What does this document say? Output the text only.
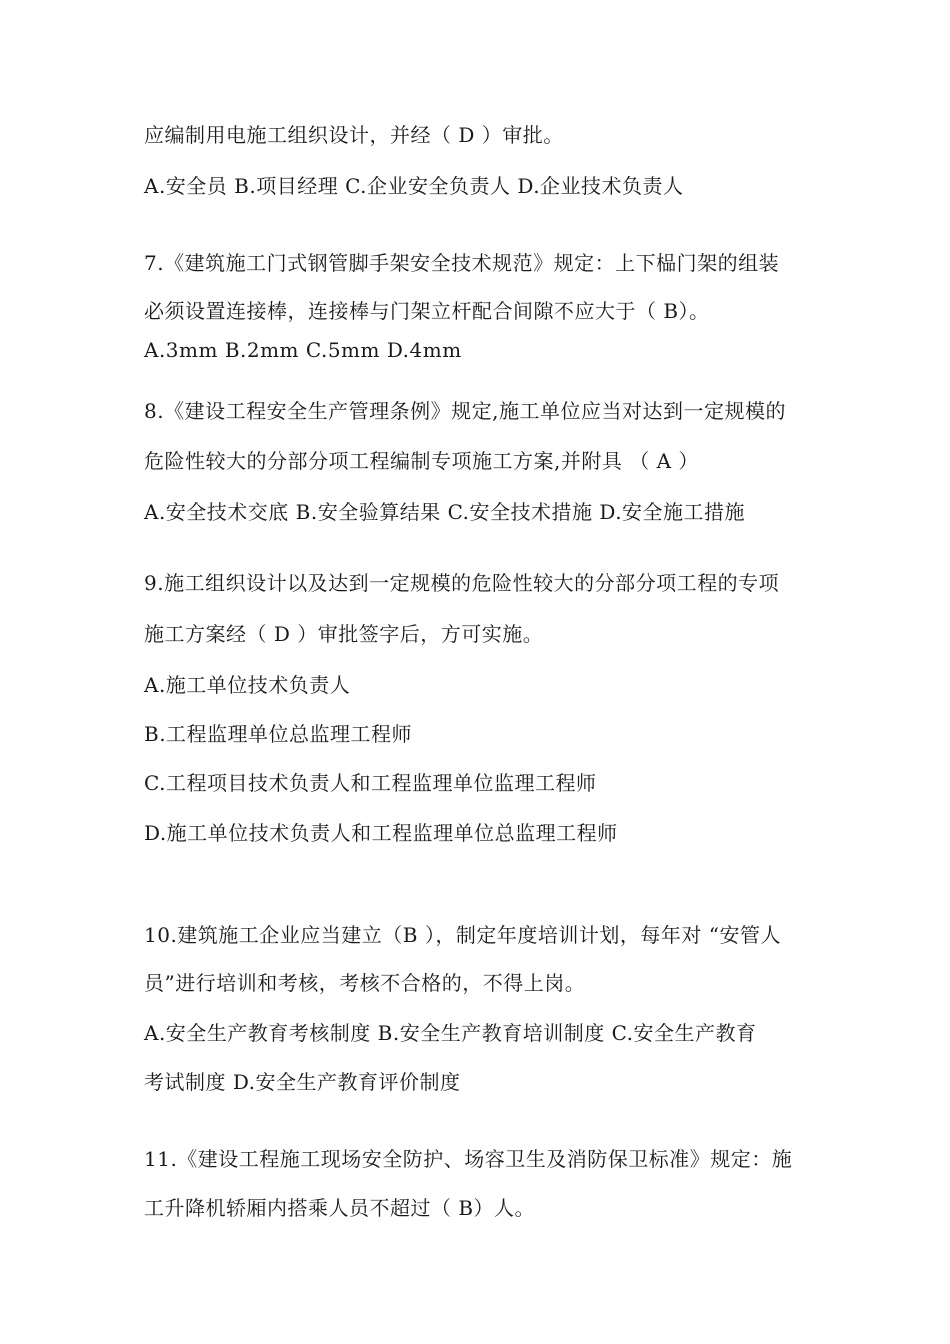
应编制用电施工组织设计，并经（ D ）审批。
A.安全员 B.项目经理 C.企业安全负责人 D.企业技术负责人
7.《建筑施工门式钢管脚手架安全技术规范》规定：上下榀门架的组装
必须设置连接棒，连接棒与门架立杆配合间隙不应大于（ B）。
A.3mm B.2mm C.5mm D.4mm
8.《建设工程安全生产管理条例》规定,施工单位应当对达到一定规模的
危险性较大的分部分项工程编制专项施工方案,并附具 （ A ）
A.安全技术交底 B.安全验算结果 C.安全技术措施 D.安全施工措施
9.施工组织设计以及达到一定规模的危险性较大的分部分项工程的专项
施工方案经（ D ）审批签字后，方可实施。
A.施工单位技术负责人
B.工程监理单位总监理工程师
C.工程项目技术负责人和工程监理单位监理工程师
D.施工单位技术负责人和工程监理单位总监理工程师
10.建筑施工企业应当建立（B ），制定年度培训计划，每年对 “安管人
员”进行培训和考核，考核不合格的，不得上岗。
A.安全生产教育考核制度 B.安全生产教育培训制度 C.安全生产教育
考试制度 D.安全生产教育评价制度
11.《建设工程施工现场安全防护、场容卫生及消防保卫标准》规定：施
工升降机轿厢内搭乘人员不超过（ B）人。
